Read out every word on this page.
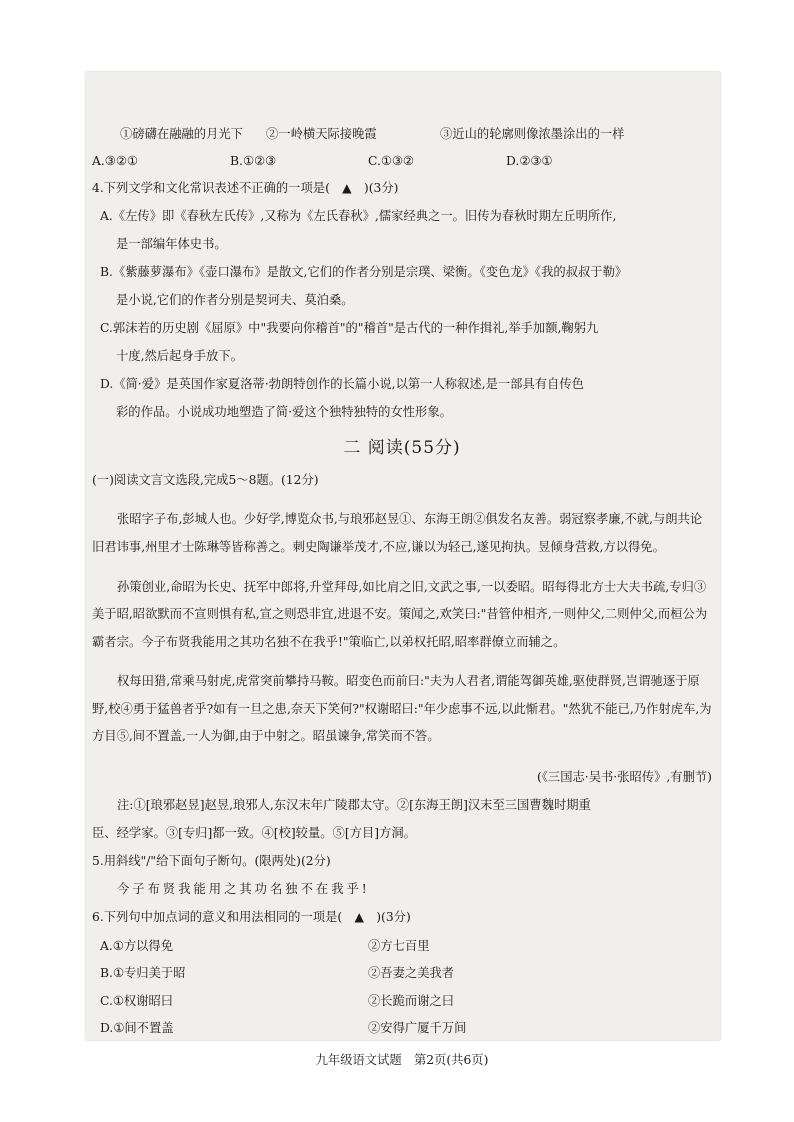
①磅礴在融融的月光下	②一岭横天际接晚霞	③近山的轮廓则像浓墨涂出的一样
A.③②①	B.①②③	C.①③②	D.②③①

4.下列文学和文化常识表述不正确的一项是(　▲　)(3分)

A.《左传》即《春秋左氏传》,又称为《左氏春秋》,儒家经典之一。旧传为春秋时期左丘明所作,

是一部编年体史书。

B.《紫藤萝瀑布》《壶口瀑布》是散文,它们的作者分别是宗璞、梁衡。《变色龙》《我的叔叔于勒》

是小说,它们的作者分别是契诃夫、莫泊桑。

C.郭沫若的历史剧《屈原》中"我要向你稽首"的"稽首"是古代的一种作揖礼,举手加额,鞠躬九

十度,然后起身手放下。

D.《简·爱》是英国作家夏洛蒂·勃朗特创作的长篇小说,以第一人称叙述,是一部具有自传色

彩的作品。小说成功地塑造了简·爱这个独特独特的女性形象。

二 阅读(55分)

(一)阅读文言文选段,完成5～8题。(12分)

张昭字子布,彭城人也。少好学,博览众书,与琅邪赵昱①、东海王朗②俱发名友善。弱冠察孝廉,不就,与朗共论旧君讳事,州里才士陈琳等皆称善之。刺史陶谦举茂才,不应,谦以为轻己,遂见拘执。昱倾身营救,方以得免。

孙策创业,命昭为长史、抚军中郎将,升堂拜母,如比肩之旧,文武之事,一以委昭。昭每得北方士大夫书疏,专归③美于昭,昭欲默而不宣则惧有私,宣之则恐非宜,进退不安。策闻之,欢笑曰:"昔管仲相齐,一则仲父,二则仲父,而桓公为霸者宗。今子布贤我能用之其功名独不在我乎!"策临亡,以弟权托昭,昭率群僚立而辅之。

权每田猎,常乘马射虎,虎常突前攀持马鞍。昭变色而前曰:"夫为人君者,谓能驾御英雄,驱使群贤,岂谓驰逐于原野,校④勇于猛兽者乎?如有一旦之患,奈天下笑何?"权谢昭曰:"年少虑事不远,以此惭君。"然犹不能已,乃作射虎车,为方目⑤,间不置盖,一人为御,由于中射之。昭虽谏争,常笑而不答。

(《三国志·吴书·张昭传》,有删节)

注:①[琅邪赵昱]赵昱,琅邪人,东汉末年广陵郡太守。②[东海王朗]汉末至三国曹魏时期重

臣、经学家。③[专归]都一致。④[校]较量。⑤[方目]方洞。

5.用斜线"/"给下面句子断句。(限两处)(2分)

今子布贤我能用之其功名独不在我乎!

6.下列句中加点词的意义和用法相同的一项是(　▲　)(3分)

A.①方以得免	②方七百里
B.①专归美于昭	②吾妻之美我者
C.①权谢昭曰	②长跪而谢之曰
D.①间不置盖	②安得广厦千万间
九年级语文试题　第2页(共6页)
